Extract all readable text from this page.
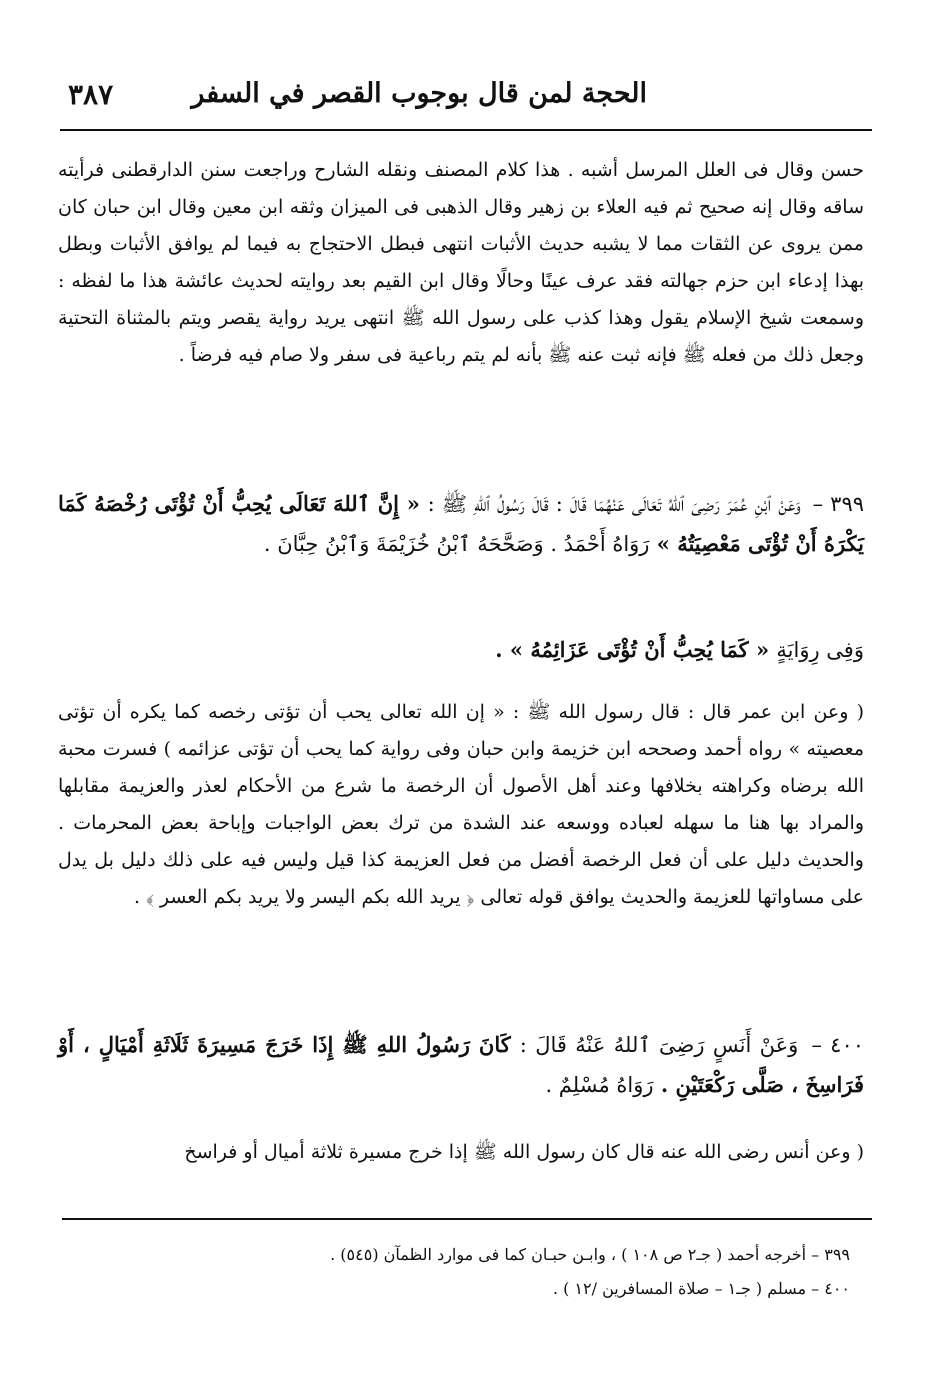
الحجة لمن قال بوجوب القصر في السفر
٣٨٧
حسن وقال فى العلل المرسل أشبه . هذا كلام المصنف ونقله الشارح وراجعت سنن الدارقطنى فرأيته ساقه وقال إنه صحيح ثم فيه العلاء بن زهير وقال الذهبى فى الميزان وثقه ابن معين وقال ابن حبان كان ممن يروى عن الثقات مما لا يشبه حديث الأثبات انتهى فبطل الاحتجاج به فيما لم يوافق الأثبات وبطل بهذا إدعاء ابن حزم جهالته فقد عرف عينًا وحالًا وقال ابن القيم بعد روايته لحديث عائشة هذا ما لفظه : وسمعت شيخ الإسلام يقول وهذا كذب على رسول الله ﷺ انتهى يريد رواية يقصر ويتم بالمثناة التحتية وجعل ذلك من فعله ﷺ فإنه ثبت عنه ﷺ بأنه لم يتم رباعية فى سفر ولا صام فيه فرضاً .
٣٩٩ – وَعَنْ ٱبْنِ عُمَرَ رَضِىَ ٱللهُ تَعَالَى عَنْهُمَا قَالَ : قَالَ رَسُولُ ٱللهِ ﷺ : « إِنَّ ٱللهَ تَعَالَى يُحِبُّ أَنْ تُؤْتَى رُخْصَهُ كَمَا يَكْرَهُ أَنْ تُؤْتَى مَعْصِيَتُهُ » رَوَاهُ أَحْمَدُ . وَصَحَّحَهُ ٱبْنُ خُزَيْمَةَ وَٱبْنُ حِبَّانَ .
وَفِى رِوَايَةٍ « كَمَا يُحِبُّ أَنْ تُؤْتَى عَزَائِمُهُ » .
( وعن ابن عمر قال : قال رسول الله ﷺ : « إن الله تعالى يحب أن تؤتى رخصه كما يكره أن تؤتى معصيته » رواه أحمد وصححه ابن خزيمة وابن حبان وفى رواية كما يحب أن تؤتى عزائمه ) فسرت محبة الله برضاه وكراهته بخلافها وعند أهل الأصول أن الرخصة ما شرع من الأحكام لعذر والعزيمة مقابلها والمراد بها هنا ما سهله لعباده ووسعه عند الشدة من ترك بعض الواجبات وإباحة بعض المحرمات . والحديث دليل على أن فعل الرخصة أفضل من فعل العزيمة كذا قيل وليس فيه على ذلك دليل بل يدل على مساواتها للعزيمة والحديث يوافق قوله تعالى ﴿ يريد الله بكم اليسر ولا يريد بكم العسر ﴾ .
٤٠٠ – وَعَنْ أَنَسٍ رَضِىَ ٱللهُ عَنْهُ قَالَ : كَانَ رَسُولُ اللهِ ﷺ إِذَا خَرَجَ مَسِيرَةَ ثَلَاثَةِ أَمْيَالٍ ، أَوْ فَرَاسِخَ ، صَلَّى رَكْعَتَيْنِ . رَوَاهُ مُسْلِمٌ .
( وعن أنس رضى الله عنه قال كان رسول الله ﷺ إذا خرج مسيرة ثلاثة أميال أو فراسخ
٣٩٩ – أخرجه أحمد ( جـ٢ ص ١٠٨ ) ، وابـن حبـان كما فى موارد الظمآن (٥٤٥) .
٤٠٠ – مسلم ( جـ١ – صلاة المسافرين /١٢ ) .
